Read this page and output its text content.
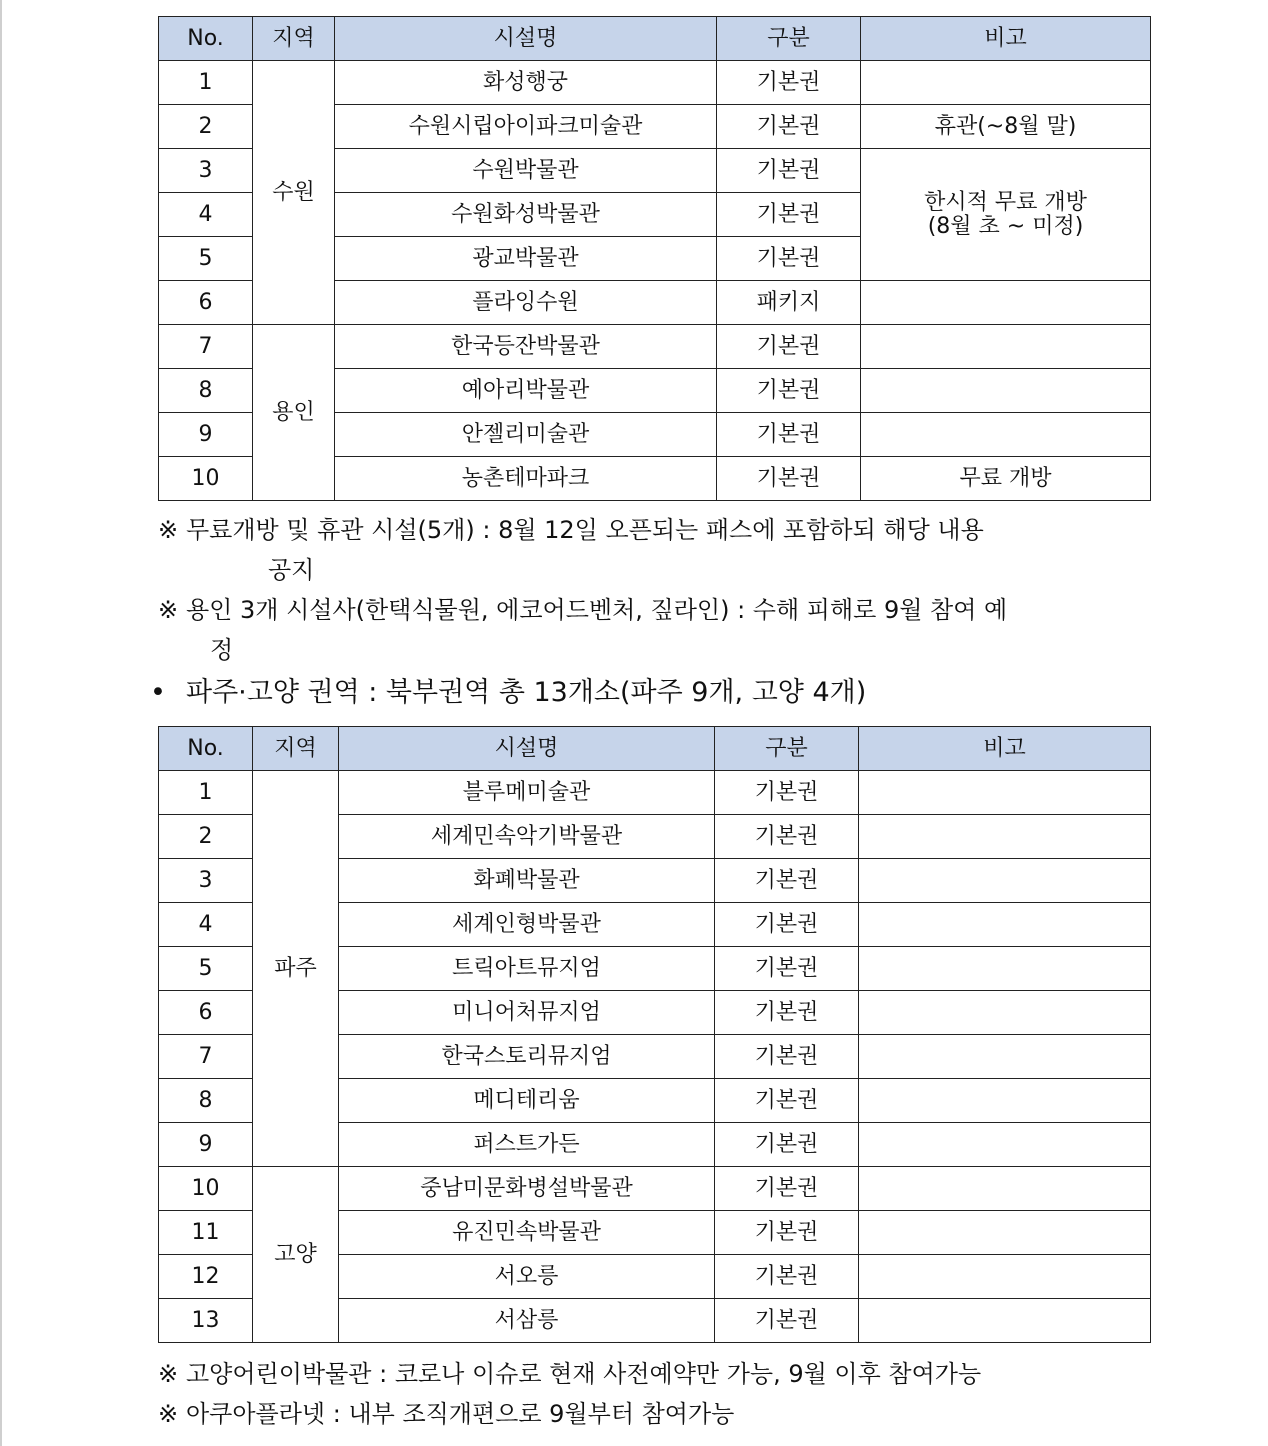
No.	지역	시설명	구분	비고
1	수원	화성행궁	기본권	
2		수원시립아이파크미술관	기본권	휴관(~8월 말)
3		수원박물관	기본권	한시적 무료 개방
(8월 초 ~ 미정)
4		수원화성박물관	기본권	
5		광교박물관	기본권	
6		플라잉수원	패키지	
7	용인	한국등잔박물관	기본권	
8		예아리박물관	기본권	
9		안젤리미술관	기본권	
10		농촌테마파크	기본권	무료 개방
※ 무료개방 및 휴관 시설(5개) : 8월 12일 오픈되는 패스에 포함하되 해당 내용
공지
※ 용인 3개 시설사(한택식물원, 에코어드벤처, 짚라인) : 수해 피해로 9월 참여 예
정
• 파주·고양 권역 : 북부권역 총 13개소(파주 9개, 고양 4개)
No.	지역	시설명	구분	비고
1	파주	블루메미술관	기본권	
2		세계민속악기박물관	기본권	
3		화폐박물관	기본권	
4		세계인형박물관	기본권	
5		트릭아트뮤지엄	기본권	
6		미니어처뮤지엄	기본권	
7		한국스토리뮤지엄	기본권	
8		메디테리움	기본권	
9		퍼스트가든	기본권	
10	고양	중남미문화병설박물관	기본권	
11		유진민속박물관	기본권	
12		서오릉	기본권	
13		서삼릉	기본권	
※ 고양어린이박물관 : 코로나 이슈로 현재 사전예약만 가능, 9월 이후 참여가능
※ 아쿠아플라넷 : 내부 조직개편으로 9월부터 참여가능
